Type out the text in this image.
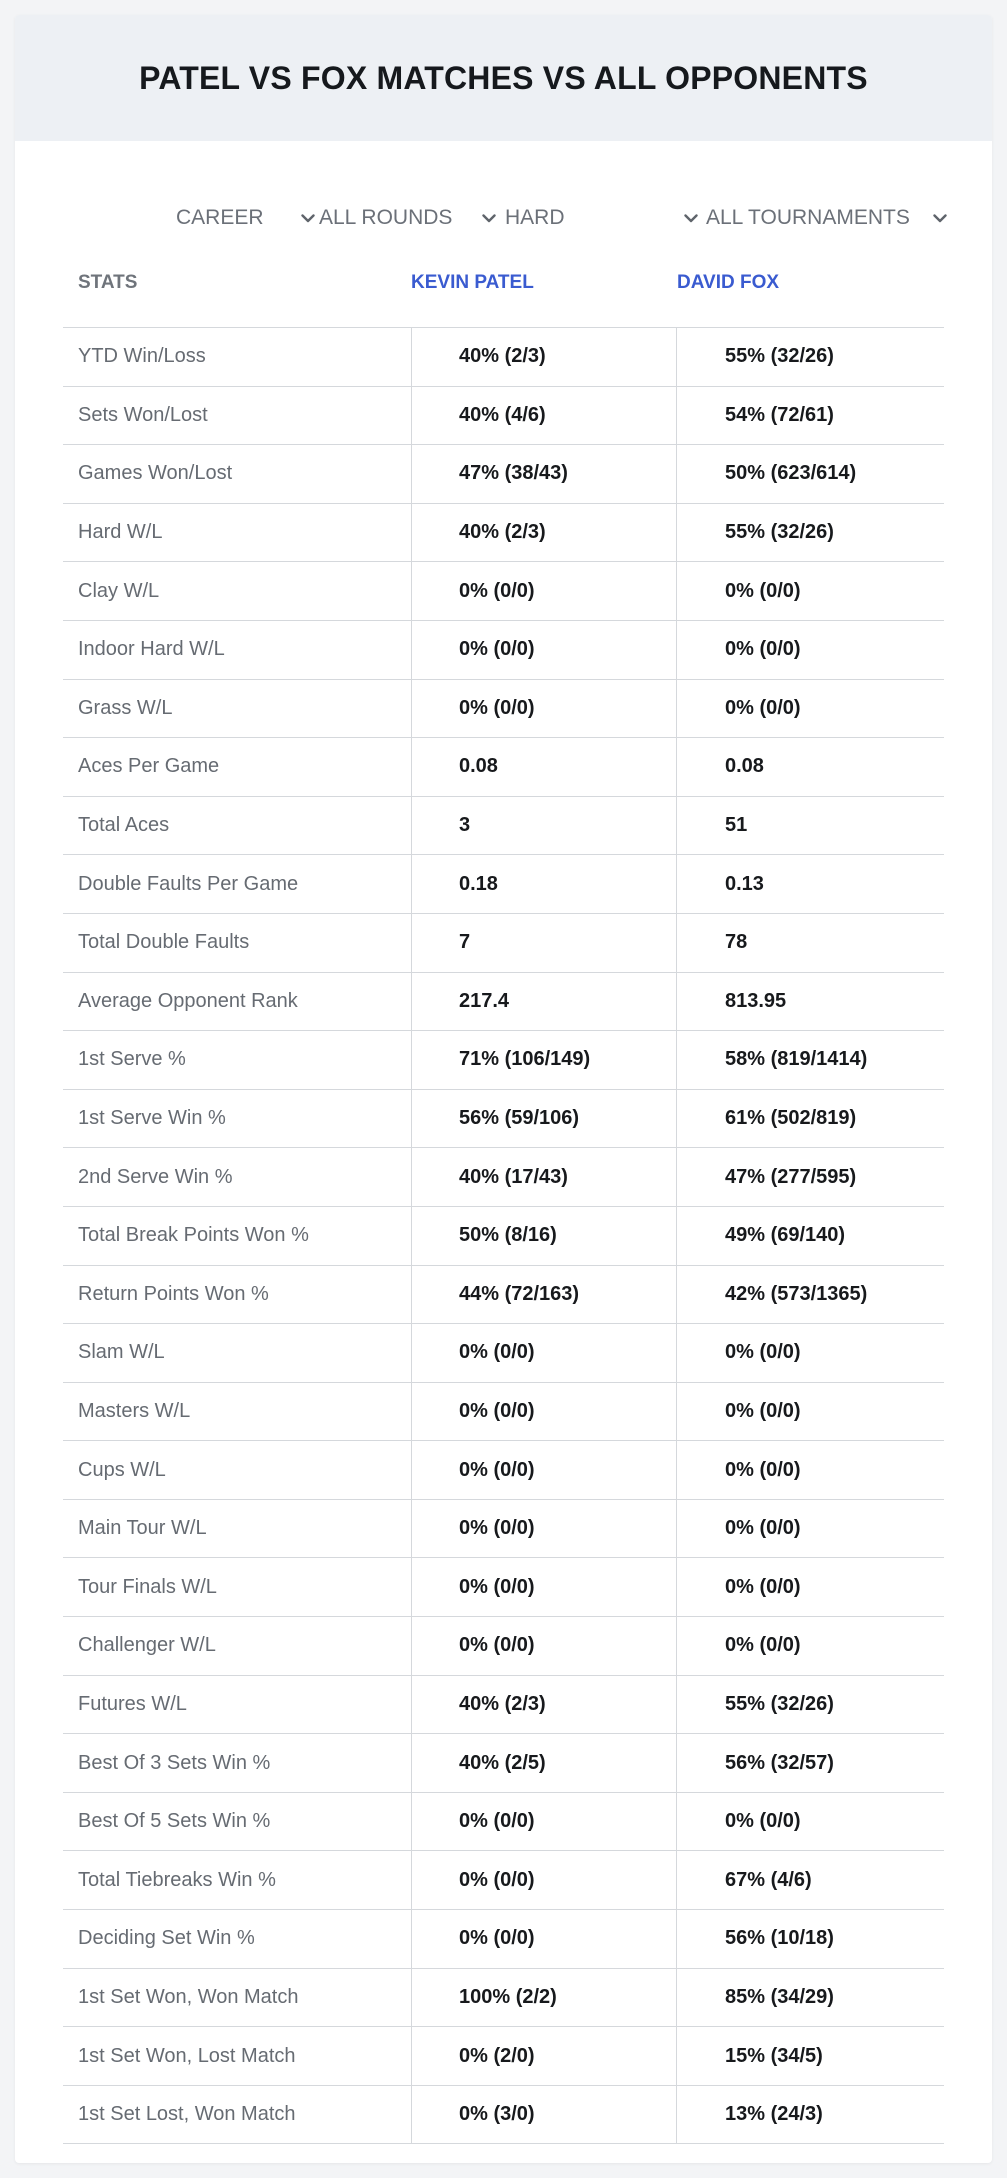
PATEL VS FOX MATCHES VS ALL OPPONENTS
CAREER	ALL ROUNDS	HARD	ALL TOURNAMENTS
STATS	KEVIN PATEL	DAVID FOX
YTD Win/Loss	40% (2/3)	55% (32/26)
Sets Won/Lost	40% (4/6)	54% (72/61)
Games Won/Lost	47% (38/43)	50% (623/614)
Hard W/L	40% (2/3)	55% (32/26)
Clay W/L	0% (0/0)	0% (0/0)
Indoor Hard W/L	0% (0/0)	0% (0/0)
Grass W/L	0% (0/0)	0% (0/0)
Aces Per Game	0.08	0.08
Total Aces	3	51
Double Faults Per Game	0.18	0.13
Total Double Faults	7	78
Average Opponent Rank	217.4	813.95
1st Serve %	71% (106/149)	58% (819/1414)
1st Serve Win %	56% (59/106)	61% (502/819)
2nd Serve Win %	40% (17/43)	47% (277/595)
Total Break Points Won %	50% (8/16)	49% (69/140)
Return Points Won %	44% (72/163)	42% (573/1365)
Slam W/L	0% (0/0)	0% (0/0)
Masters W/L	0% (0/0)	0% (0/0)
Cups W/L	0% (0/0)	0% (0/0)
Main Tour W/L	0% (0/0)	0% (0/0)
Tour Finals W/L	0% (0/0)	0% (0/0)
Challenger W/L	0% (0/0)	0% (0/0)
Futures W/L	40% (2/3)	55% (32/26)
Best Of 3 Sets Win %	40% (2/5)	56% (32/57)
Best Of 5 Sets Win %	0% (0/0)	0% (0/0)
Total Tiebreaks Win %	0% (0/0)	67% (4/6)
Deciding Set Win %	0% (0/0)	56% (10/18)
1st Set Won, Won Match	100% (2/2)	85% (34/29)
1st Set Won, Lost Match	0% (2/0)	15% (34/5)
1st Set Lost, Won Match	0% (3/0)	13% (24/3)
